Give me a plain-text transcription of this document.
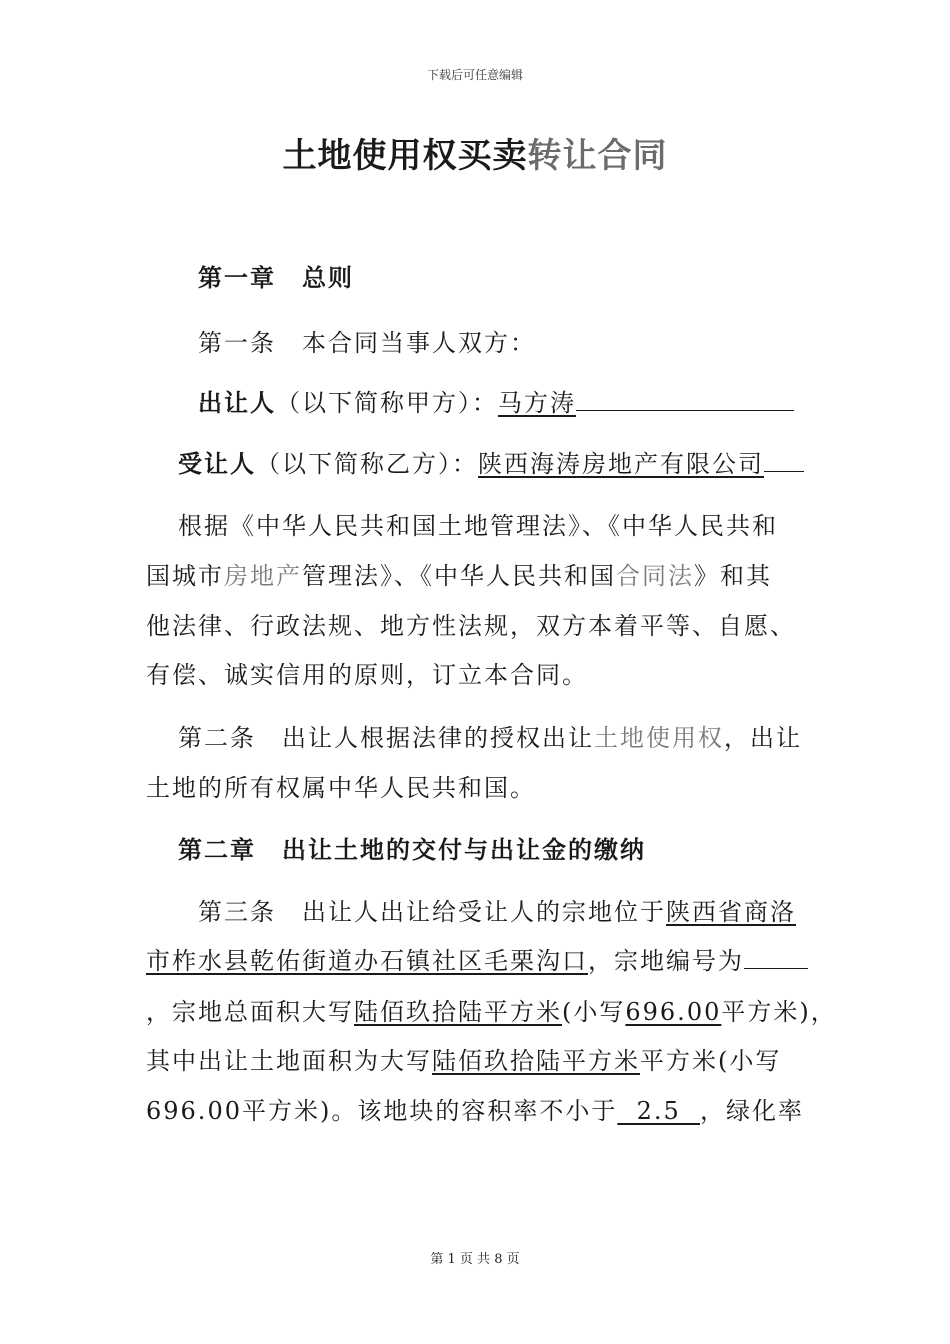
下载后可任意编辑
土地使用权买卖转让合同
第一章　总则
第一条　本合同当事人双方：
出让人（以下简称甲方）：马方涛
受让人（以下简称乙方）：陕西海涛房地产有限公司
根据《中华人民共和国土地管理法》、《中华人民共和
国城市房地产管理法》、《中华人民共和国合同法》和其
他法律、行政法规、地方性法规，双方本着平等、自愿、
有偿、诚实信用的原则，订立本合同。
第二条　出让人根据法律的授权出让土地使用权，出让
土地的所有权属中华人民共和国。
第二章　出让土地的交付与出让金的缴纳
第三条　出让人出让给受让人的宗地位于陕西省商洛
市柞水县乾佑街道办石镇社区毛栗沟口，宗地编号为
，宗地总面积大写陆佰玖拾陆平方米(小写696.00平方米)，
其中出让土地面积为大写陆佰玖拾陆平方米平方米(小写
696.00平方米)。该地块的容积率不小于  2.5  ，绿化率
第 1 页 共 8 页
